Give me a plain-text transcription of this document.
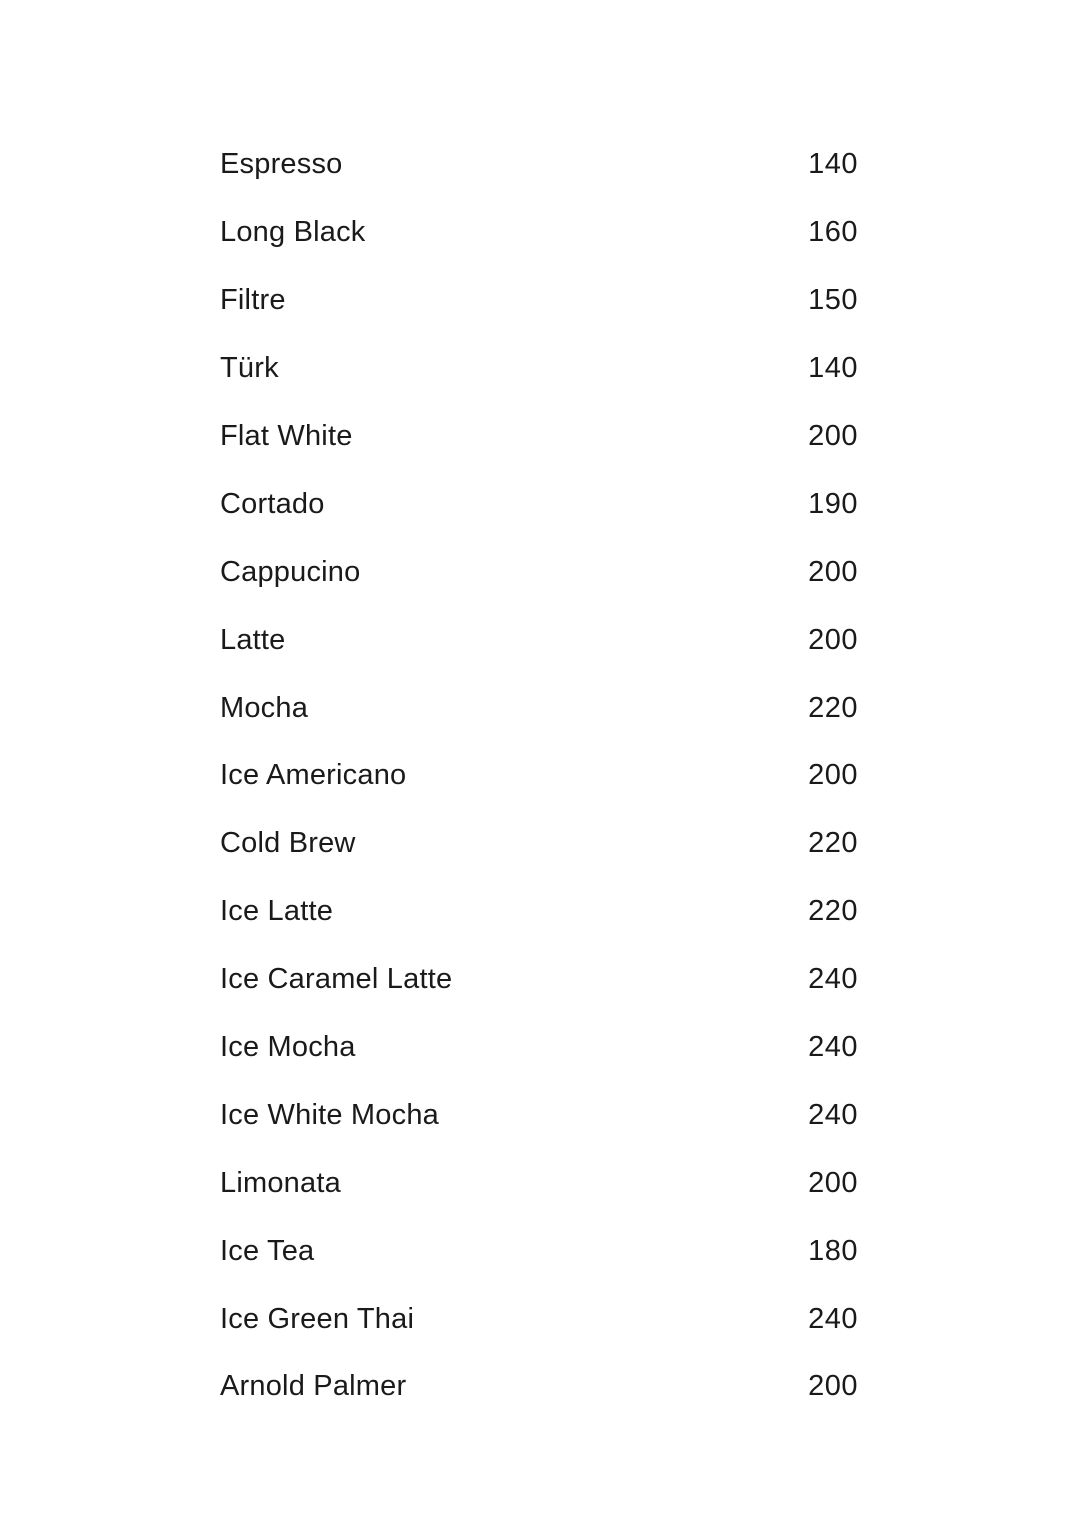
Espresso	140
Long Black	160
Filtre	150
Türk	140
Flat White	200
Cortado	190
Cappucino	200
Latte	200
Mocha	220
Ice Americano	200
Cold Brew	220
Ice Latte	220
Ice Caramel Latte	240
Ice Mocha	240
Ice White Mocha	240
Limonata	200
Ice Tea	180
Ice Green Thai	240
Arnold Palmer	200
